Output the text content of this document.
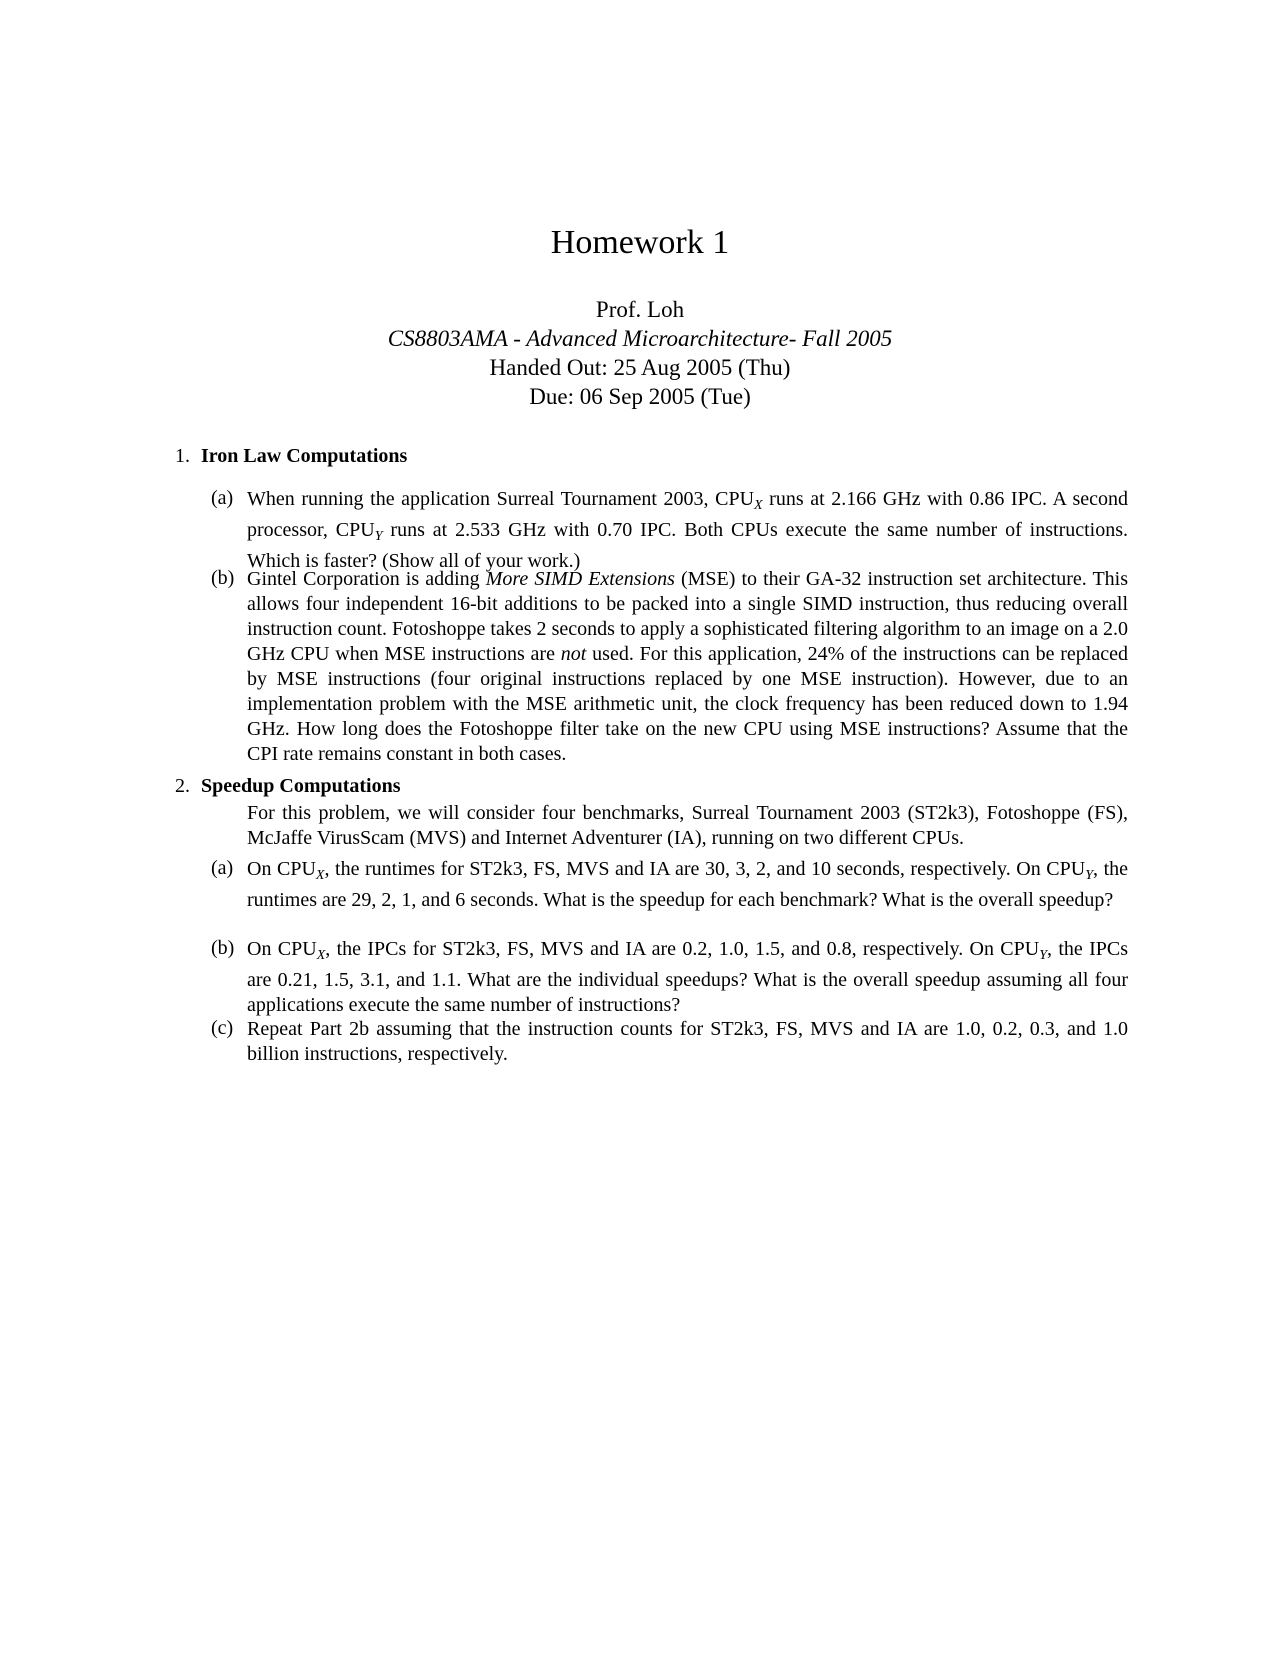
Homework 1
Prof. Loh
CS8803AMA - Advanced Microarchitecture- Fall 2005
Handed Out: 25 Aug 2005 (Thu)
Due: 06 Sep 2005 (Tue)
1. Iron Law Computations
(a) When running the application Surreal Tournament 2003, $CPU_X$ runs at 2.166 GHz with 0.86 IPC. A second processor, $CPU_Y$ runs at 2.533 GHz with 0.70 IPC. Both CPUs execute the same number of instructions. Which is faster? (Show all of your work.)
(b) Gintel Corporation is adding More SIMD Extensions (MSE) to their GA-32 instruction set architecture. This allows four independent 16-bit additions to be packed into a single SIMD instruction, thus reducing overall instruction count. Fotoshoppe takes 2 seconds to apply a sophisticated filtering algorithm to an image on a 2.0 GHz CPU when MSE instructions are not used. For this application, 24% of the instructions can be replaced by MSE instructions (four original instructions replaced by one MSE instruction). However, due to an implementation problem with the MSE arithmetic unit, the clock frequency has been reduced down to 1.94 GHz. How long does the Fotoshoppe filter take on the new CPU using MSE instructions? Assume that the CPI rate remains constant in both cases.
2. Speedup Computations
For this problem, we will consider four benchmarks, Surreal Tournament 2003 (ST2k3), Fotoshoppe (FS), McJaffe VirusScam (MVS) and Internet Adventurer (IA), running on two different CPUs.
(a) On $CPU_X$, the runtimes for ST2k3, FS, MVS and IA are 30, 3, 2, and 10 seconds, respectively. On $CPU_Y$, the runtimes are 29, 2, 1, and 6 seconds. What is the speedup for each benchmark? What is the overall speedup?
(b) On $CPU_X$, the IPCs for ST2k3, FS, MVS and IA are 0.2, 1.0, 1.5, and 0.8, respectively. On $CPU_Y$, the IPCs are 0.21, 1.5, 3.1, and 1.1. What are the individual speedups? What is the overall speedup assuming all four applications execute the same number of instructions?
(c) Repeat Part 2b assuming that the instruction counts for ST2k3, FS, MVS and IA are 1.0, 0.2, 0.3, and 1.0 billion instructions, respectively.
